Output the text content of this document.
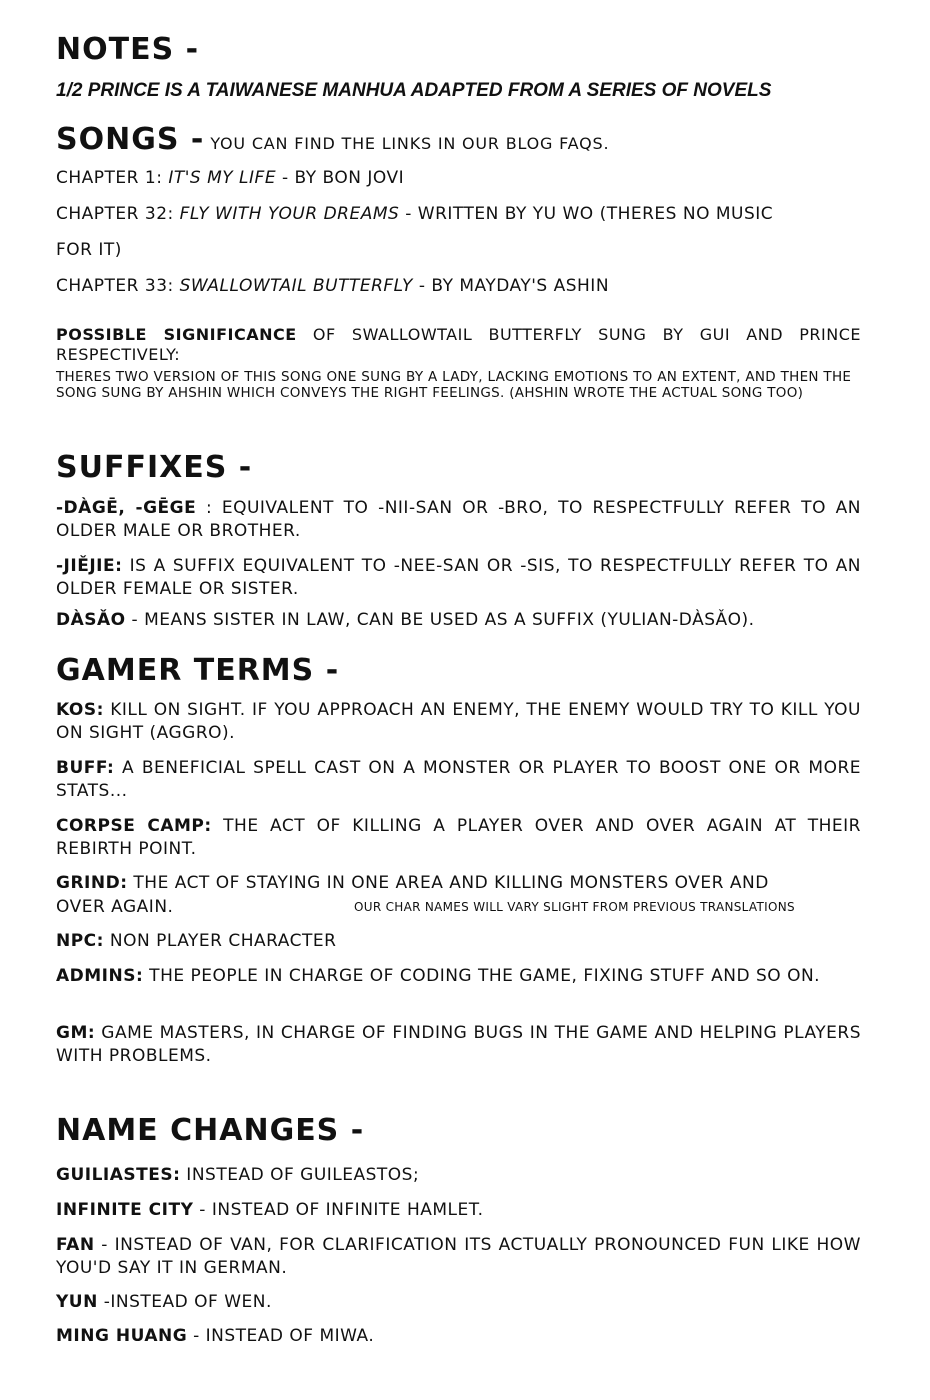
NOTES -
1/2 PRINCE IS A TAIWANESE MANHUA ADAPTED FROM A SERIES OF NOVELS
SONGS - YOU CAN FIND THE LINKS IN OUR BLOG FAQS.
CHAPTER 1: IT'S MY LIFE - BY BON JOVI
CHAPTER 32: FLY WITH YOUR DREAMS - WRITTEN BY YU WO (THERES NO MUSIC
FOR IT)
CHAPTER 33: SWALLOWTAIL BUTTERFLY - BY MAYDAY'S ASHIN
POSSIBLE SIGNIFICANCE OF SWALLOWTAIL BUTTERFLY SUNG BY GUI AND PRINCE RESPECTIVELY:
THERES TWO VERSION OF THIS SONG ONE SUNG BY A LADY, LACKING EMOTIONS TO AN EXTENT, AND THEN THE SONG SUNG BY AHSHIN WHICH CONVEYS THE RIGHT FEELINGS. (AHSHIN WROTE THE ACTUAL SONG TOO)
SUFFIXES -
-DÀGĒ, -GĒGE : EQUIVALENT TO -NII-SAN OR -BRO, TO RESPECTFULLY REFER TO AN OLDER MALE OR BROTHER.
-JIĚJIE: IS A SUFFIX EQUIVALENT TO -NEE-SAN OR -SIS, TO RESPECTFULLY REFER TO AN OLDER FEMALE OR SISTER.
DÀSǍO - MEANS SISTER IN LAW, CAN BE USED AS A SUFFIX (YULIAN-DÀSǍO).
GAMER TERMS -
KOS: KILL ON SIGHT. IF YOU APPROACH AN ENEMY, THE ENEMY WOULD TRY TO KILL YOU ON SIGHT (AGGRO).
BUFF: A BENEFICIAL SPELL CAST ON A MONSTER OR PLAYER TO BOOST ONE OR MORE STATS...
CORPSE CAMP: THE ACT OF KILLING A PLAYER OVER AND OVER AGAIN AT THEIR REBIRTH POINT.
GRIND: THE ACT OF STAYING IN ONE AREA AND KILLING MONSTERS OVER AND
OVER AGAIN.	OUR CHAR NAMES WILL VARY SLIGHT FROM PREVIOUS TRANSLATIONS
NPC: NON PLAYER CHARACTER
ADMINS: THE PEOPLE IN CHARGE OF CODING THE GAME, FIXING STUFF AND SO ON.
GM: GAME MASTERS, IN CHARGE OF FINDING BUGS IN THE GAME AND HELPING PLAYERS WITH PROBLEMS.
NAME CHANGES -
GUILIASTES: INSTEAD OF GUILEASTOS;
INFINITE CITY - INSTEAD OF INFINITE HAMLET.
FAN - INSTEAD OF VAN, FOR CLARIFICATION ITS ACTUALLY PRONOUNCED FUN LIKE HOW YOU'D SAY IT IN GERMAN.
YUN -INSTEAD OF WEN.
MING HUANG - INSTEAD OF MIWA.
